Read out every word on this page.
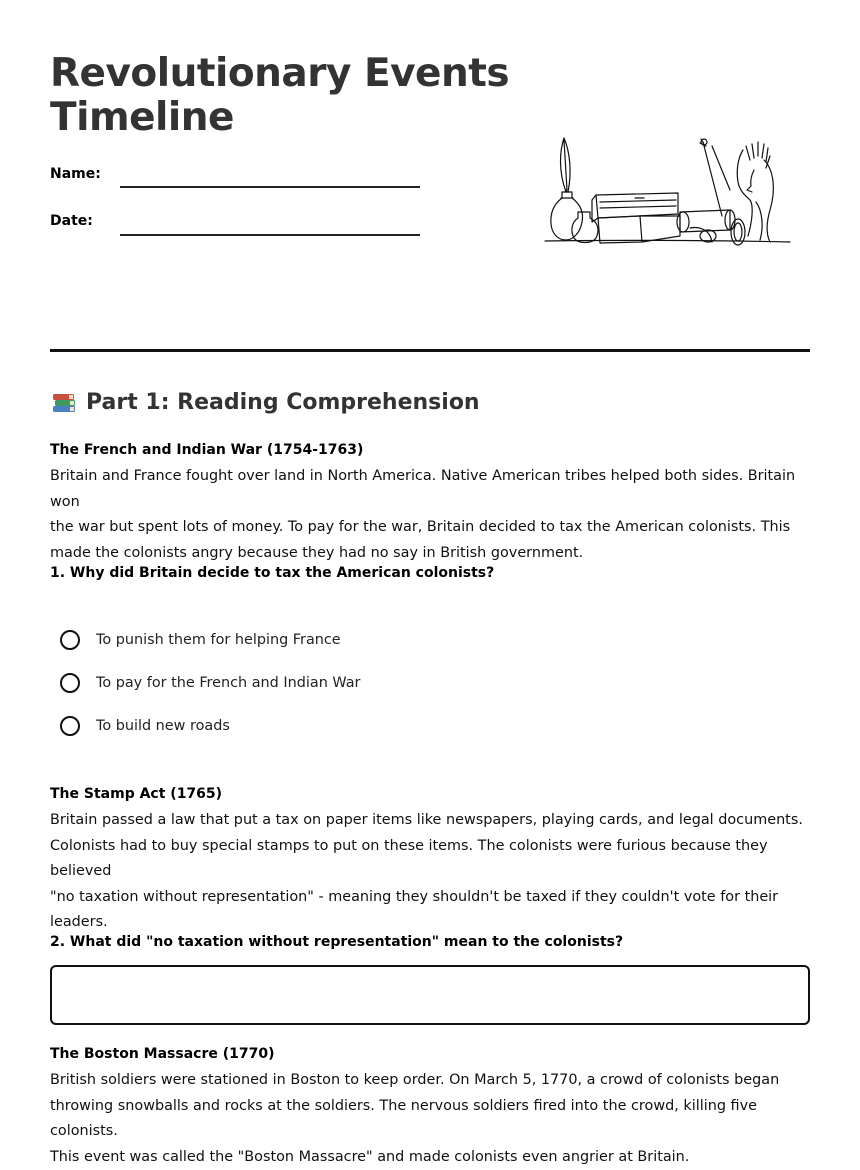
Revolutionary Events
Timeline
Name:
Date:
Part 1: Reading Comprehension
The French and Indian War (1754-1763)

Britain and France fought over land in North America. Native American tribes helped both sides. Britain won
the war but spent lots of money. To pay for the war, Britain decided to tax the American colonists. This
made the colonists angry because they had no say in British government.

1. Why did Britain decide to tax the American colonists?
To punish them for helping France
To pay for the French and Indian War
To build new roads
The Stamp Act (1765)

Britain passed a law that put a tax on paper items like newspapers, playing cards, and legal documents.
Colonists had to buy special stamps to put on these items. The colonists were furious because they believed
"no taxation without representation" - meaning they shouldn't be taxed if they couldn't vote for their
leaders.

2. What did "no taxation without representation" mean to the colonists?
The Boston Massacre (1770)

British soldiers were stationed in Boston to keep order. On March 5, 1770, a crowd of colonists began
throwing snowballs and rocks at the soldiers. The nervous soldiers fired into the crowd, killing five colonists.
This event was called the "Boston Massacre" and made colonists even angrier at Britain.
